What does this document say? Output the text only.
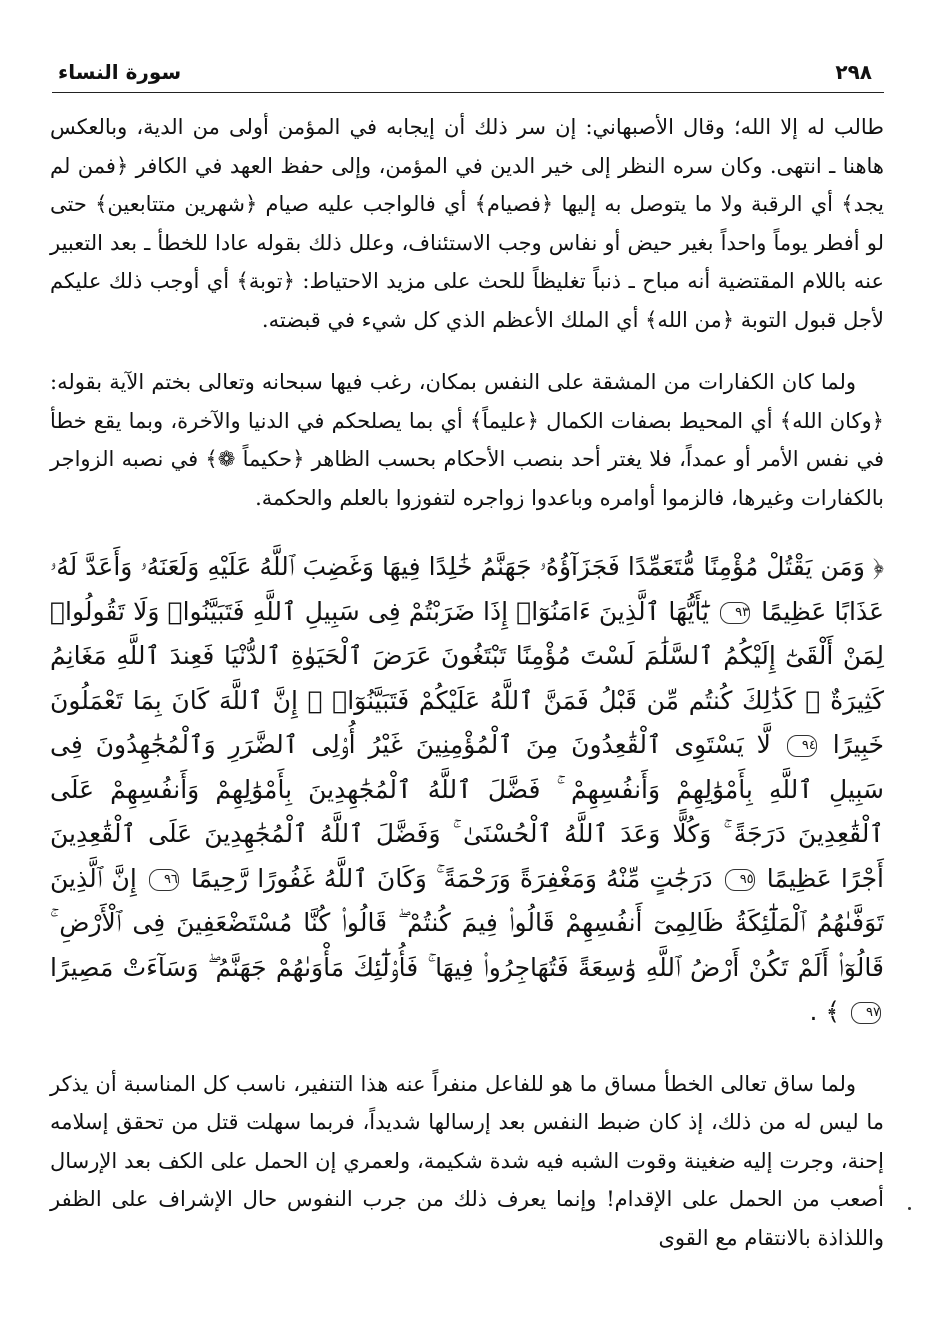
٢٩٨
سورة النساء

طالب له إلا الله؛ وقال الأصبهاني: إن سر ذلك أن إيجابه في المؤمن أولى من الدية، وبالعكس هاهنا ـ انتهى. وكان سره النظر إلى خير الدين في المؤمن، وإلى حفظ العهد في الكافر ﴿فمن لم يجد﴾ أي الرقبة ولا ما يتوصل به إليها ﴿فصيام﴾ أي فالواجب عليه صيام ﴿شهرين متتابعين﴾ حتى لو أفطر يوماً واحداً بغير حيض أو نفاس وجب الاستئناف، وعلل ذلك بقوله عادا للخطأ ـ بعد التعبير عنه باللام المقتضية أنه مباح ـ ذنباً تغليظاً للحث على مزيد الاحتياط: ﴿توبة﴾ أي أوجب ذلك عليكم لأجل قبول التوبة ﴿من الله﴾ أي الملك الأعظم الذي كل شيء في قبضته.

ولما كان الكفارات من المشقة على النفس بمكان، رغب فيها سبحانه وتعالى بختم الآية بقوله: ﴿وكان الله﴾ أي المحيط بصفات الكمال ﴿عليماً﴾ أي بما يصلحكم في الدنيا والآخرة، وبما يقع خطأ في نفس الأمر أو عمداً، فلا يغتر أحد بنصب الأحكام بحسب الظاهر ﴿حكيماً ❁﴾ في نصبه الزواجر بالكفارات وغيرها، فالزموا أوامره وباعدوا زواجره لتفوزوا بالعلم والحكمة.

﴿ وَمَن يَقْتُلْ مُؤْمِنًا مُّتَعَمِّدًا فَجَزَآؤُهُۥ جَهَنَّمُ خَٰلِدًا فِيهَا وَغَضِبَ ٱللَّهُ عَلَيْهِ وَلَعَنَهُۥ وَأَعَدَّ لَهُۥ عَذَابًا عَظِيمًا ٩٣ يَٰٓأَيُّهَا ٱلَّذِينَ ءَامَنُوٓا۟ إِذَا ضَرَبْتُمْ فِى سَبِيلِ ٱللَّهِ فَتَبَيَّنُوا۟ وَلَا تَقُولُوا۟ لِمَنْ أَلْقَىٰٓ إِلَيْكُمُ ٱلسَّلَٰمَ لَسْتَ مُؤْمِنًا تَبْتَغُونَ عَرَضَ ٱلْحَيَوٰةِ ٱلدُّنْيَا فَعِندَ ٱللَّهِ مَغَانِمُ كَثِيرَةٌ ۚ كَذَٰلِكَ كُنتُم مِّن قَبْلُ فَمَنَّ ٱللَّهُ عَلَيْكُمْ فَتَبَيَّنُوٓا۟ ۚ إِنَّ ٱللَّهَ كَانَ بِمَا تَعْمَلُونَ خَبِيرًا ٩٤ لَّا يَسْتَوِى ٱلْقَٰعِدُونَ مِنَ ٱلْمُؤْمِنِينَ غَيْرُ أُو۟لِى ٱلضَّرَرِ وَٱلْمُجَٰهِدُونَ فِى سَبِيلِ ٱللَّهِ بِأَمْوَٰلِهِمْ وَأَنفُسِهِمْ ۚ فَضَّلَ ٱللَّهُ ٱلْمُجَٰهِدِينَ بِأَمْوَٰلِهِمْ وَأَنفُسِهِمْ عَلَى ٱلْقَٰعِدِينَ دَرَجَةً ۚ وَكُلًّا وَعَدَ ٱللَّهُ ٱلْحُسْنَىٰ ۚ وَفَضَّلَ ٱللَّهُ ٱلْمُجَٰهِدِينَ عَلَى ٱلْقَٰعِدِينَ أَجْرًا عَظِيمًا ٩٥ دَرَجَٰتٍ مِّنْهُ وَمَغْفِرَةً وَرَحْمَةً ۚ وَكَانَ ٱللَّهُ غَفُورًا رَّحِيمًا ٩٦ إِنَّ ٱلَّذِينَ تَوَفَّىٰهُمُ ٱلْمَلَٰٓئِكَةُ ظَالِمِىٓ أَنفُسِهِمْ قَالُوا۟ فِيمَ كُنتُمْ ۖ قَالُوا۟ كُنَّا مُسْتَضْعَفِينَ فِى ٱلْأَرْضِ ۚ قَالُوٓا۟ أَلَمْ تَكُنْ أَرْضُ ٱللَّهِ وَٰسِعَةً فَتُهَاجِرُوا۟ فِيهَا ۚ فَأُو۟لَٰٓئِكَ مَأْوَىٰهُمْ جَهَنَّمُ ۖ وَسَآءَتْ مَصِيرًا ٩٧ ﴾ .

ولما ساق تعالى الخطأ مساق ما هو للفاعل منفراً عنه هذا التنفير، ناسب كل المناسبة أن يذكر ما ليس له من ذلك، إذ كان ضبط النفس بعد إرسالها شديداً، فربما سهلت قتل من تحقق إسلامه إحنة، وجرت إليه ضغينة وقوت الشبه فيه شدة شكيمة، ولعمري إن الحمل على الكف بعد الإرسال أصعب من الحمل على الإقدام! وإنما يعرف ذلك من جرب النفوس حال الإشراف على الظفر واللذاذة بالانتقام مع القوى
